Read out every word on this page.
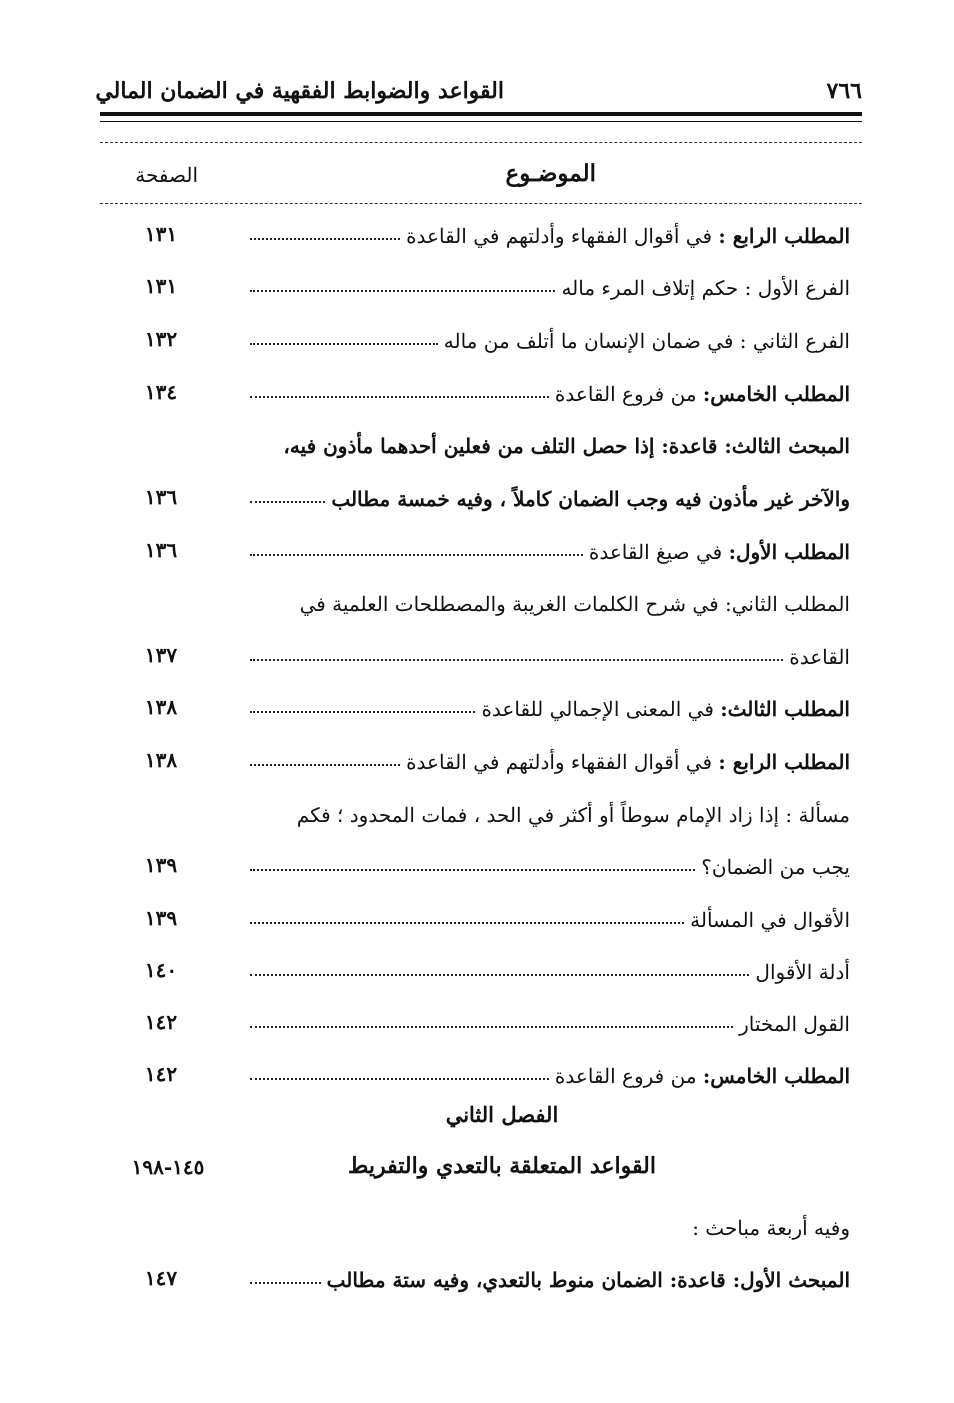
٧٦٦
القواعد والضوابط الفقهية في الضمان المالي
الموضـوع
الصفحة
المطلب الرابع : في أقوال الفقهاء وأدلتهم في القاعدة
١٣١
الفرع الأول : حكم إتلاف المرء ماله
١٣١
الفرع الثاني : في ضمان الإنسان ما أتلف من ماله
١٣٢
المطلب الخامس: من فروع القاعدة
١٣٤
المبحث الثالث: قاعدة: إذا حصل التلف من فعلين أحدهما مأذون فيه،
والآخر غير مأذون فيه وجب الضمان كاملاً ، وفيه خمسة مطالب
١٣٦
المطلب الأول: في صيغ القاعدة
١٣٦
المطلب الثاني: في شرح الكلمات الغريبة والمصطلحات العلمية في
القاعدة
١٣٧
المطلب الثالث: في المعنى الإجمالي للقاعدة
١٣٨
المطلب الرابع : في أقوال الفقهاء وأدلتهم في القاعدة
١٣٨
مسألة : إذا زاد الإمام سوطاً أو أكثر في الحد ، فمات المحدود ؛ فكم
يجب من الضمان؟
١٣٩
الأقوال في المسألة
١٣٩
أدلة الأقوال
١٤٠
القول المختار
١٤٢
المطلب الخامس: من فروع القاعدة
١٤٢
الفصل الثاني
القواعد المتعلقة بالتعدي والتفريط
١٤٥-١٩٨
وفيه أربعة مباحث :
المبحث الأول: قاعدة: الضمان منوط بالتعدي، وفيه ستة مطالب
١٤٧
